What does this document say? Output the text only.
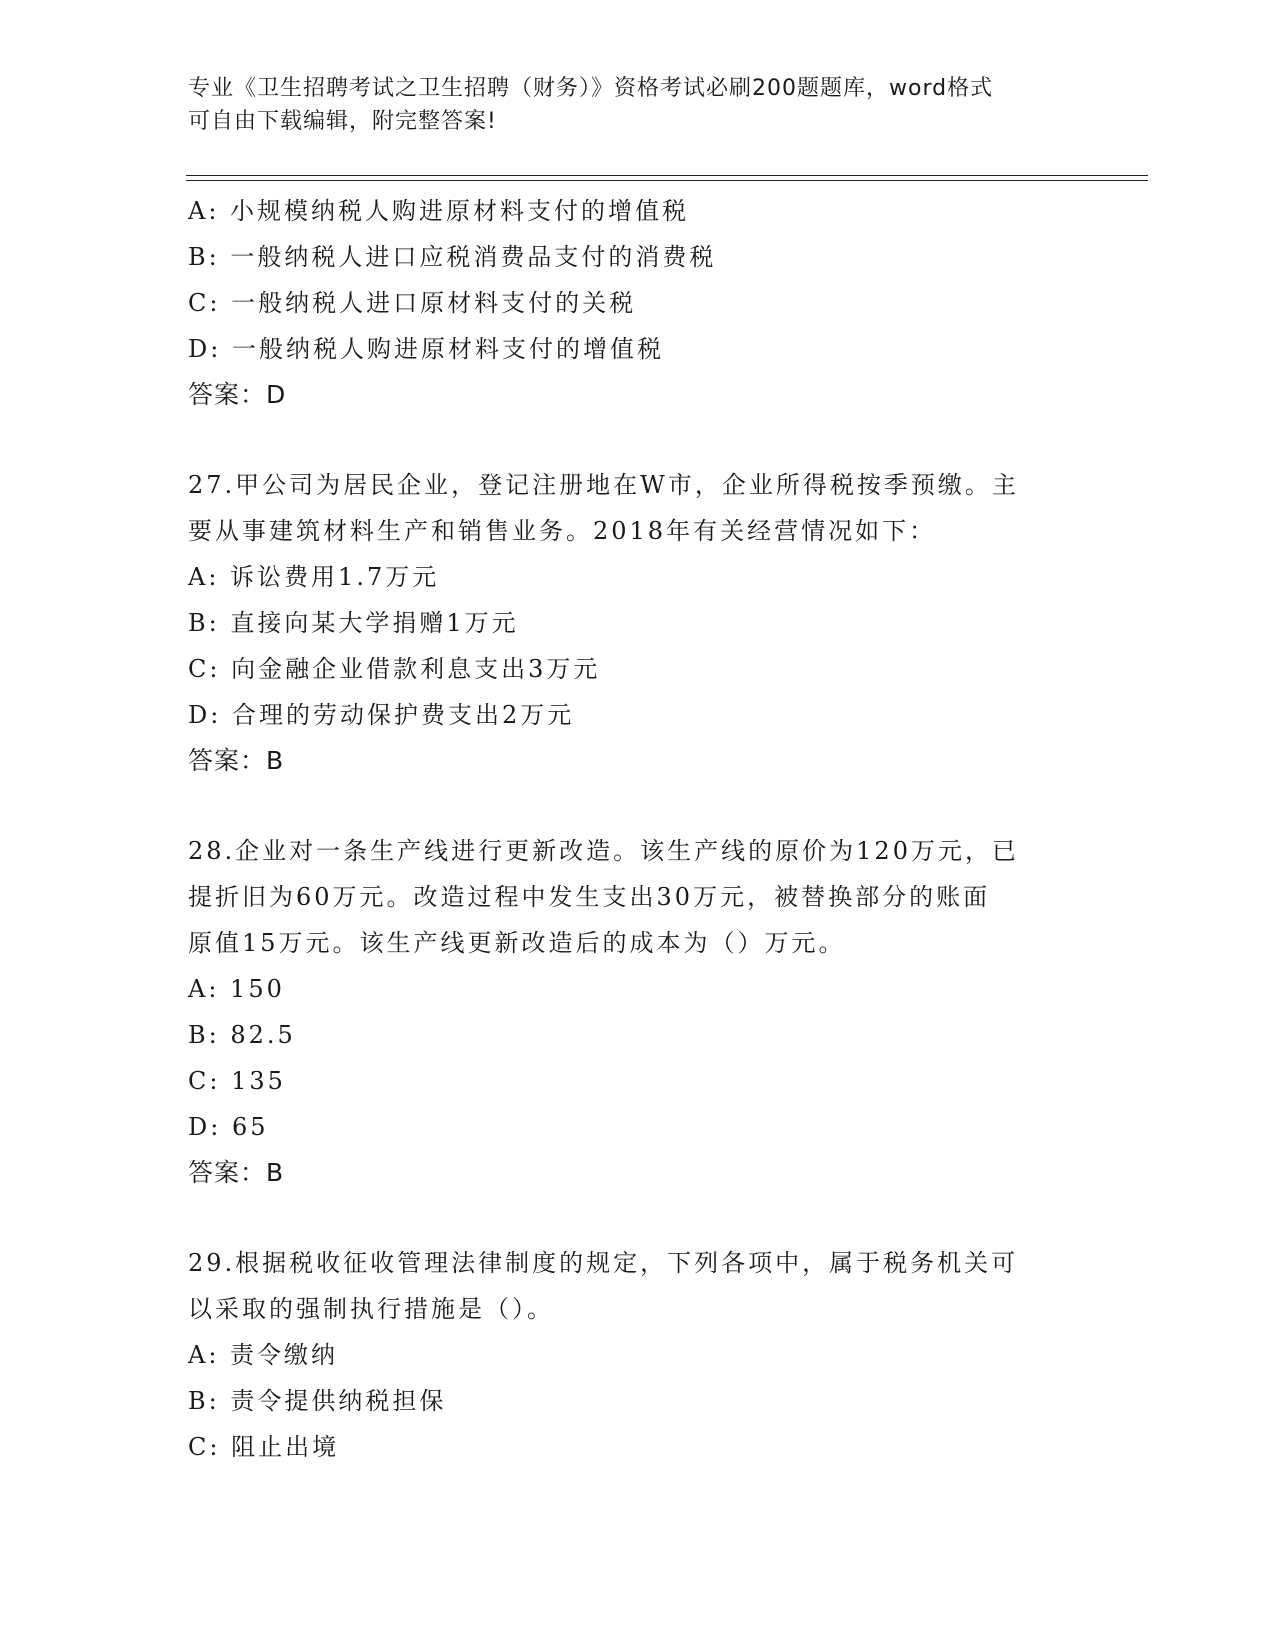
专业《卫生招聘考试之卫生招聘（财务）》资格考试必刷200题题库，word格式
可自由下载编辑，附完整答案!
A: 小规模纳税人购进原材料支付的增值税
B: 一般纳税人进口应税消费品支付的消费税
C: 一般纳税人进口原材料支付的关税
D: 一般纳税人购进原材料支付的增值税
答案：D
27.甲公司为居民企业，登记注册地在W市，企业所得税按季预缴。主
要从事建筑材料生产和销售业务。2018年有关经营情况如下：
A: 诉讼费用1.7万元
B: 直接向某大学捐赠1万元
C: 向金融企业借款利息支出3万元
D: 合理的劳动保护费支出2万元
答案：B
28.企业对一条生产线进行更新改造。该生产线的原价为120万元，已
提折旧为60万元。改造过程中发生支出30万元，被替换部分的账面
原值15万元。该生产线更新改造后的成本为（）万元。
A: 150
B: 82.5
C: 135
D: 65
答案：B
29.根据税收征收管理法律制度的规定，下列各项中，属于税务机关可
以采取的强制执行措施是（）。
A: 责令缴纳
B: 责令提供纳税担保
C: 阻止出境
